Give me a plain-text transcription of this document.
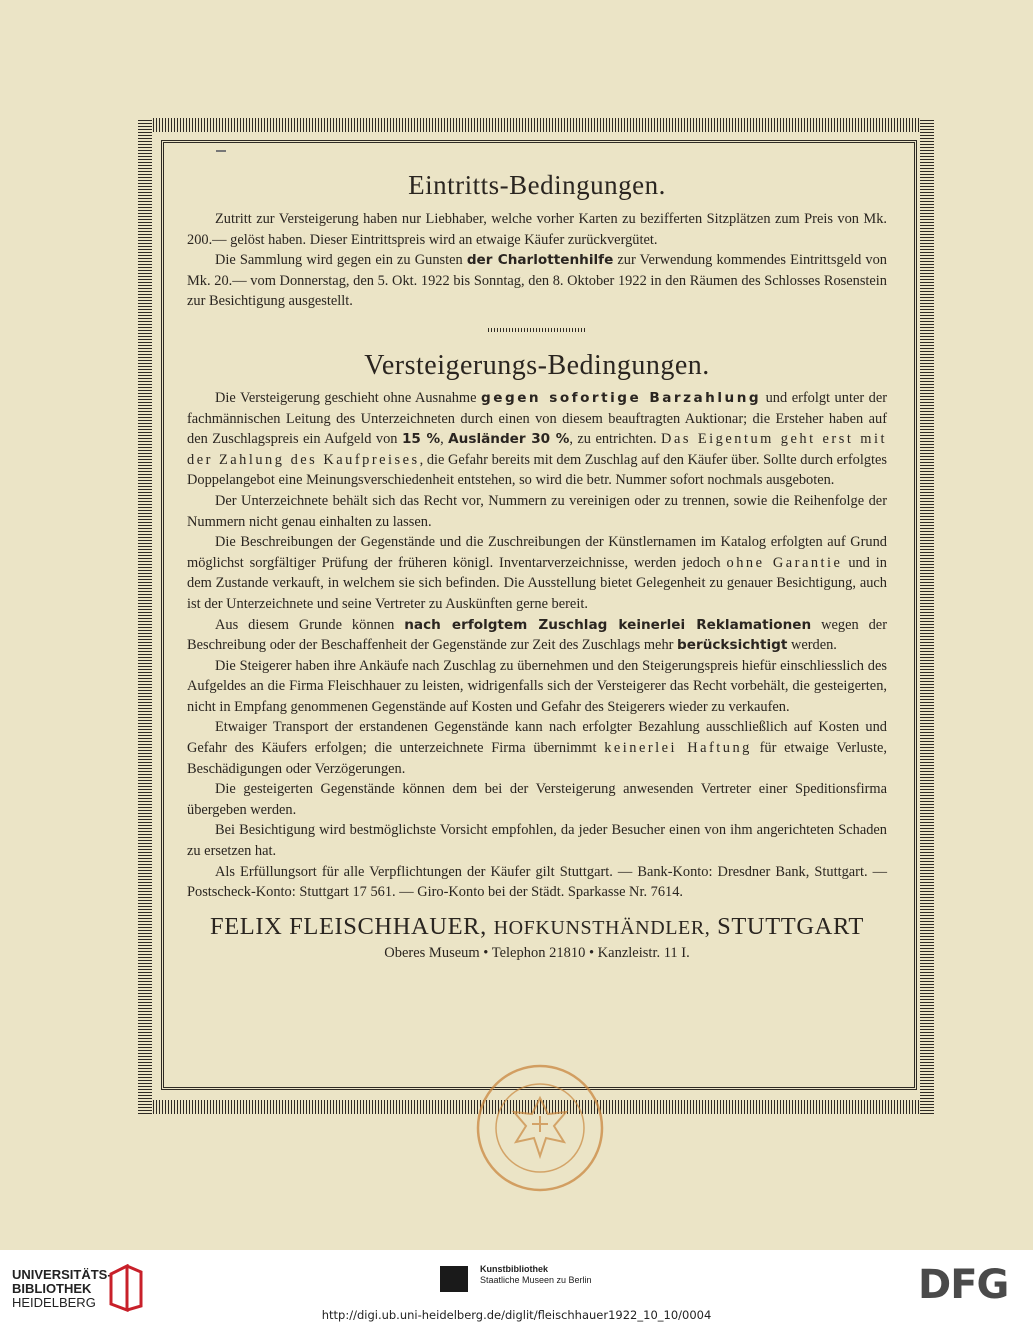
Eintritts-Bedingungen.

Zutritt zur Versteigerung haben nur Liebhaber, welche vorher Karten zu bezifferten Sitzplätzen zum Preis von Mk. 200.— gelöst haben. Dieser Eintrittspreis wird an etwaige Käufer zurückvergütet.

Die Sammlung wird gegen ein zu Gunsten der Charlottenhilfe zur Verwendung kommendes Eintrittsgeld von Mk. 20.— vom Donnerstag, den 5. Okt. 1922 bis Sonntag, den 8. Oktober 1922 in den Räumen des Schlosses Rosenstein zur Besichtigung ausgestellt.

Versteigerungs-Bedingungen.

Die Versteigerung geschieht ohne Ausnahme gegen sofortige Barzahlung und erfolgt unter der fachmännischen Leitung des Unterzeichneten durch einen von diesem beauftragten Auktionar; die Ersteher haben auf den Zuschlagspreis ein Aufgeld von 15 %, Ausländer 30 %, zu entrichten. Das Eigentum geht erst mit der Zahlung des Kaufpreises, die Gefahr bereits mit dem Zuschlag auf den Käufer über. Sollte durch erfolgtes Doppelangebot eine Meinungsverschiedenheit entstehen, so wird die betr. Nummer sofort nochmals ausgeboten.

Der Unterzeichnete behält sich das Recht vor, Nummern zu vereinigen oder zu trennen, sowie die Reihenfolge der Nummern nicht genau einhalten zu lassen.

Die Beschreibungen der Gegenstände und die Zuschreibungen der Künstlernamen im Katalog erfolgten auf Grund möglichst sorgfältiger Prüfung der früheren königl. Inventarverzeichnisse, werden jedoch ohne Garantie und in dem Zustande verkauft, in welchem sie sich befinden. Die Ausstellung bietet Gelegenheit zu genauer Besichtigung, auch ist der Unterzeichnete und seine Vertreter zu Auskünften gerne bereit.

Aus diesem Grunde können nach erfolgtem Zuschlag keinerlei Reklamationen wegen der Beschreibung oder der Beschaffenheit der Gegenstände zur Zeit des Zuschlags mehr berücksichtigt werden.

Die Steigerer haben ihre Ankäufe nach Zuschlag zu übernehmen und den Steigerungspreis hiefür einschliesslich des Aufgeldes an die Firma Fleischhauer zu leisten, widrigenfalls sich der Versteigerer das Recht vorbehält, die gesteigerten, nicht in Empfang genommenen Gegenstände auf Kosten und Gefahr des Steigerers wieder zu verkaufen.

Etwaiger Transport der erstandenen Gegenstände kann nach erfolgter Bezahlung ausschließlich auf Kosten und Gefahr des Käufers erfolgen; die unterzeichnete Firma übernimmt keinerlei Haftung für etwaige Verluste, Beschädigungen oder Verzögerungen.

Die gesteigerten Gegenstände können dem bei der Versteigerung anwesenden Vertreter einer Speditionsfirma übergeben werden.

Bei Besichtigung wird bestmöglichste Vorsicht empfohlen, da jeder Besucher einen von ihm angerichteten Schaden zu ersetzen hat.

Als Erfüllungsort für alle Verpflichtungen der Käufer gilt Stuttgart. — Bank-Konto: Dresdner Bank, Stuttgart. — Postscheck-Konto: Stuttgart 17 561. — Giro-Konto bei der Städt. Sparkasse Nr. 7614.

FELIX FLEISCHHAUER, HOFKUNSTHÄNDLER, STUTTGART
Oberes Museum • Telephon 21810 • Kanzleistr. 11 I.
UNIVERSITÄTS-
BIBLIOTHEK
HEIDELBERG
Kunstbibliothek
Staatliche Museen zu Berlin	DFG
http://digi.ub.uni-heidelberg.de/diglit/fleischhauer1922_10_10/0004
